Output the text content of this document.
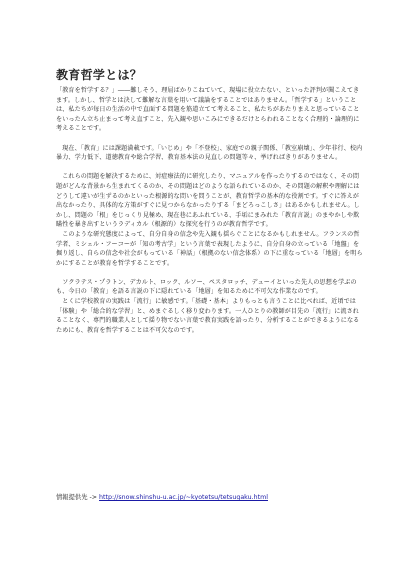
教育哲学とは？

「教育を哲学する？」――難しそう、理屈ばかりこねていて、現場に役立たない、といった評判が聞こえてきます。しかし、哲学とは決して難解な言葉を用いて議論をすることではありません。「哲学する」ということは、私たちが毎日の生活の中で直面する問題を筋道立てて考えること、私たちがあたりまえと思っていることをいったん立ち止まって考え直すこと、先入観や思いこみにできるだけとらわれることなく合理的・論理的に考えることです。

　現在、「教育」には課題満載です。「いじめ」や「不登校」、家庭での親子関係、「教室崩壊」、少年非行、校内暴力、学力低下、道徳教育や総合学習、教育基本法の見直しの問題等々、挙げればきりがありません。

　これらの問題を解決するために、対症療法的に研究したり、マニュアルを作ったりするのではなく、その問題がどんな背景から生まれてくるのか、その問題はどのような語られているのか、その問題の解釈や理解にはどうして違いが生ずるのかといった根源的な問いを問うことが、教育哲学の基本的な役割です。すぐに答えが出なかったり、具体的な方策がすぐに見つからなかったりする「まどろっこしさ」はあるかもしれません。しかし、問題の「根」をじっくり見極め、現在巷にあふれている、手垢にまみれた「教育言説」のまやかしや欺瞞性を暴き出すというラディカル（根源的）な探究を行うのが教育哲学です。

　このような研究態度によって、自分自身の信念や先入観も揺らぐことになるかもしれません。フランスの哲学者、ミシェル・フーコーが「知の考古学」という言葉で表現したように、自分自身の立っている「地盤」を掘り返し、自らの信念や社会がもっている「神話」（根拠のない信念体系）の下に重なっている「地層」を明らかにすることが教育を哲学することです。

　ソクラテス・プラトン、デカルト、ロック、ルソー、ペスタロッチ、デューイといった先人の思想を学ぶのも、今日の「教育」を語る言説の下に隠れている「地層」を知るために不可欠な作業なのです。

　とくに学校教育の実践は「流行」に敏感です。「基礎・基本」よりもっとも言うことに比べれば、近頃では「体験」や「総合的な学習」と、めまぐるしく移り変わります。一人ひとりの教師が目先の「流行」に流されることなく、専門的職業人として揺り物でない言葉で教育実践を語ったり、分析することができるようになるためにも、教育を哲学することは不可欠なのです。

情報提供先 -> http://snow.shinshu-u.ac.jp/~kyotetsu/tetsugaku.html
